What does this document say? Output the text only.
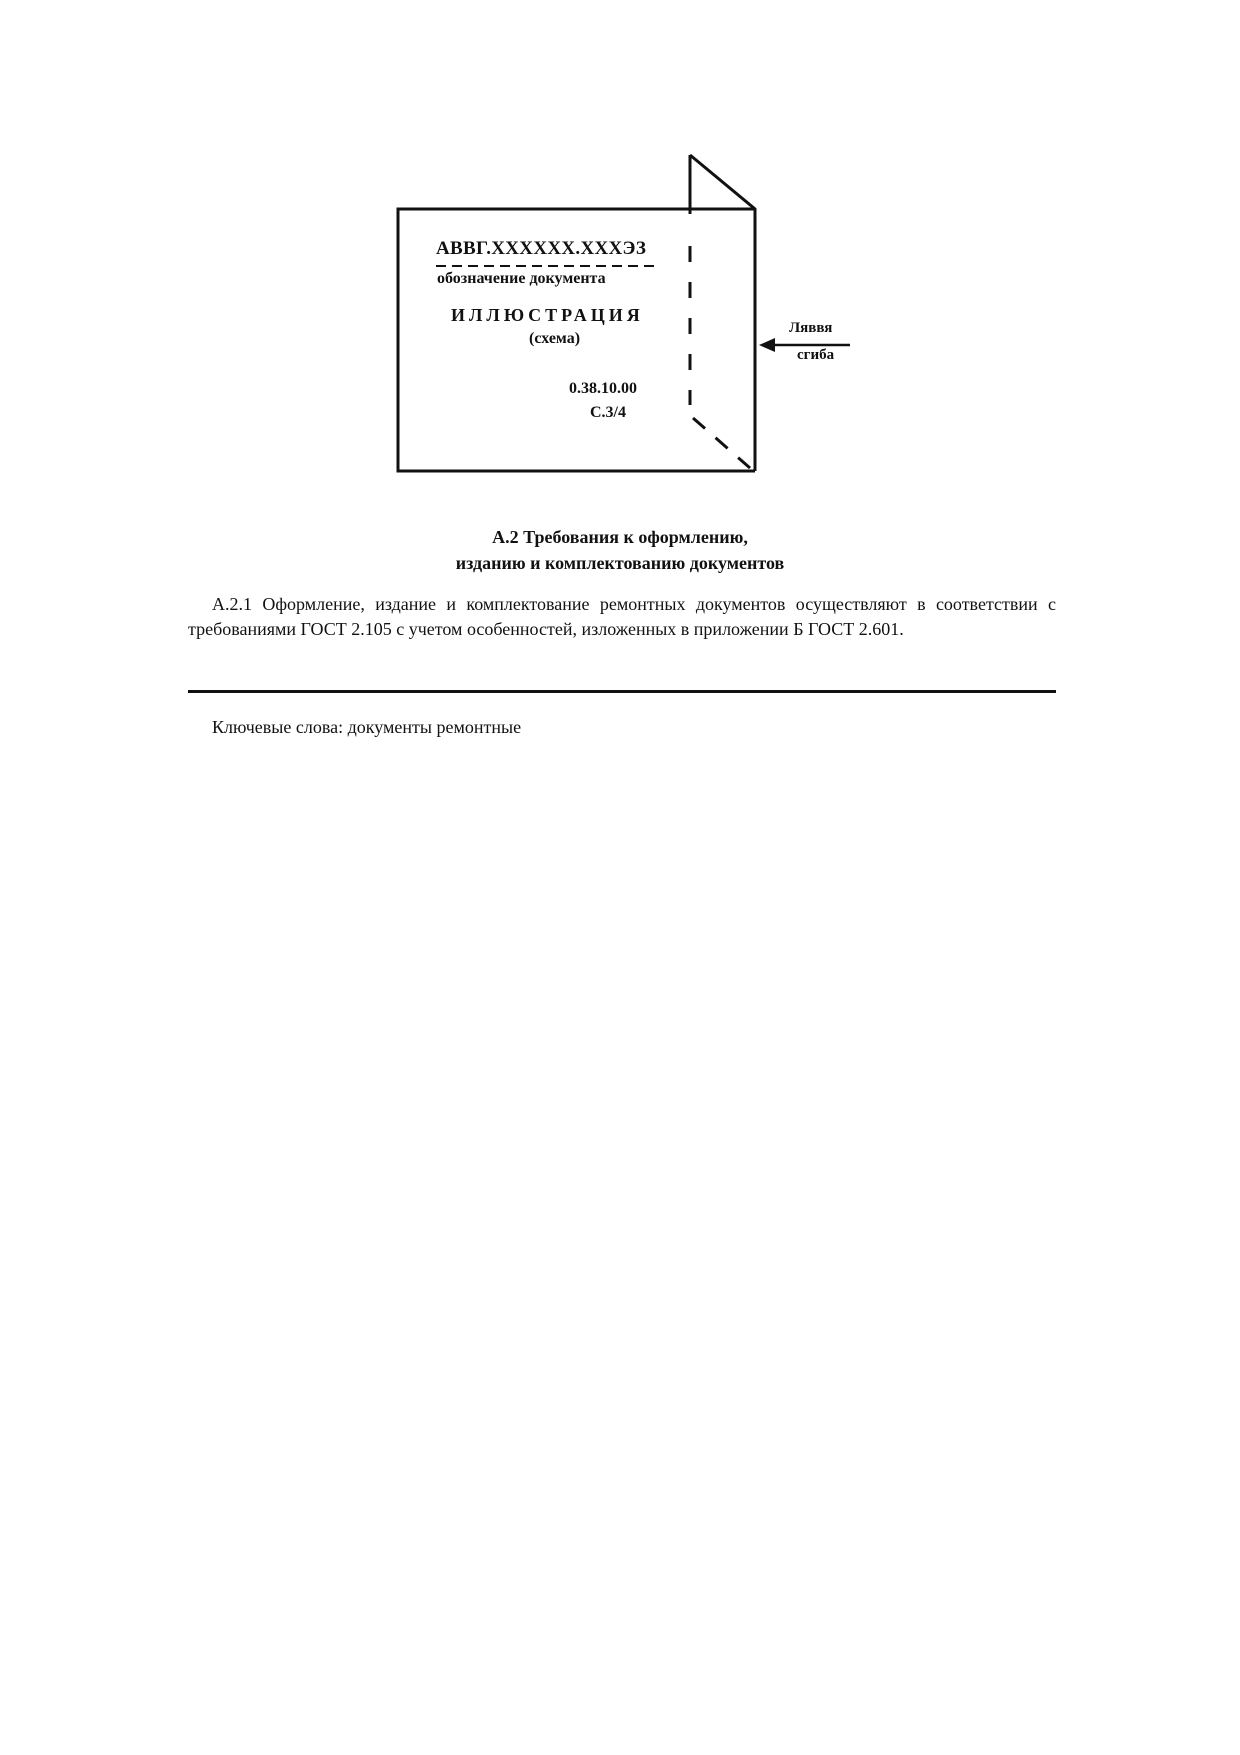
АВВГ.XXXXXX.XXXЭЗ
обозначение документа
ИЛЛЮСТРАЦИЯ
(схема)
0.38.10.00
С.3/4
Ляввя
сгиба
А.2 Требования к оформлению,
изданию и комплектованию документов

А.2.1 Оформление, издание и комплектование ремонтных документов осуществляют в соответствии с требованиями ГОСТ 2.105 с учетом особенностей, изложенных в приложении Б ГОСТ 2.601.

Ключевые слова: документы ремонтные
